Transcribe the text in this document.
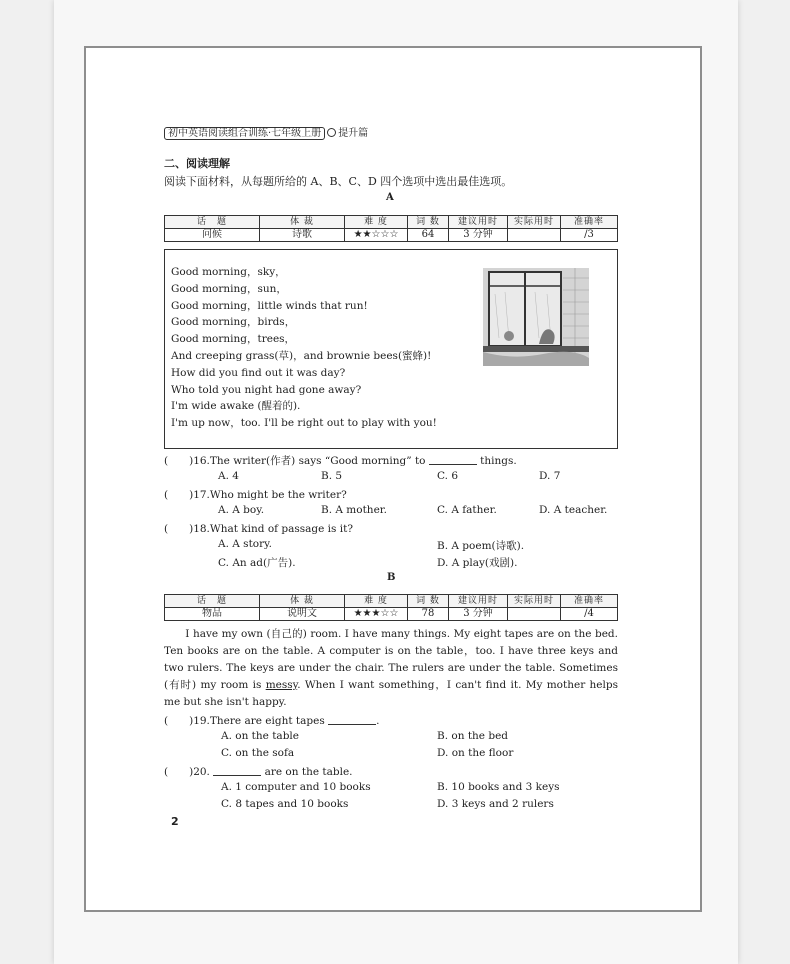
初中英语阅读组合训练·七年级上册 提升篇
二、阅读理解
阅读下面材料，从每题所给的 A、B、C、D 四个选项中选出最佳选项。
A
话　题	体 裁	难 度	词 数	建议用时	实际用时	准确率
问候	诗歌	★★☆☆☆	64	3 分钟		/3
Good morning，sky，
Good morning，sun，
Good morning，little winds that run!
Good morning，birds，
Good morning，trees，
And creeping grass(草)，and brownie bees(蜜蜂)!
How did you find out it was day?
Who told you night had gone away?
I'm wide awake (醒着的).
I'm up now，too. I'll be right out to play with you!
(　　)16.The writer(作者) says “Good morning” to	things.
A. 4	B. 5	C. 6	D. 7
(　　)17.Who might be the writer?
A. A boy.	B. A mother.	C. A father.	D. A teacher.
(　　)18.What kind of passage is it?
A. A story.	B. A poem(诗歌).
C. An ad(广告).	D. A play(戏剧).
B
话　题	体 裁	难 度	词 数	建议用时	实际用时	准确率
物品	说明文	★★★☆☆	78	3 分钟		/4
　　I have my own (自己的) room. I have many things. My eight tapes are on the bed. Ten books are on the table. A computer is on the table，too. I have three keys and two rulers. The keys are under the chair. The rulers are under the table. Sometimes (有时) my room is messy. When I want something，I can't find it. My mother helps me but she isn't happy.
(　　)19.There are eight tapes	.
A. on the table	B. on the bed
C. on the sofa	D. on the floor
(　　)20.	are on the table.
A. 1 computer and 10 books	B. 10 books and 3 keys
C. 8 tapes and 10 books	D. 3 keys and 2 rulers
2
